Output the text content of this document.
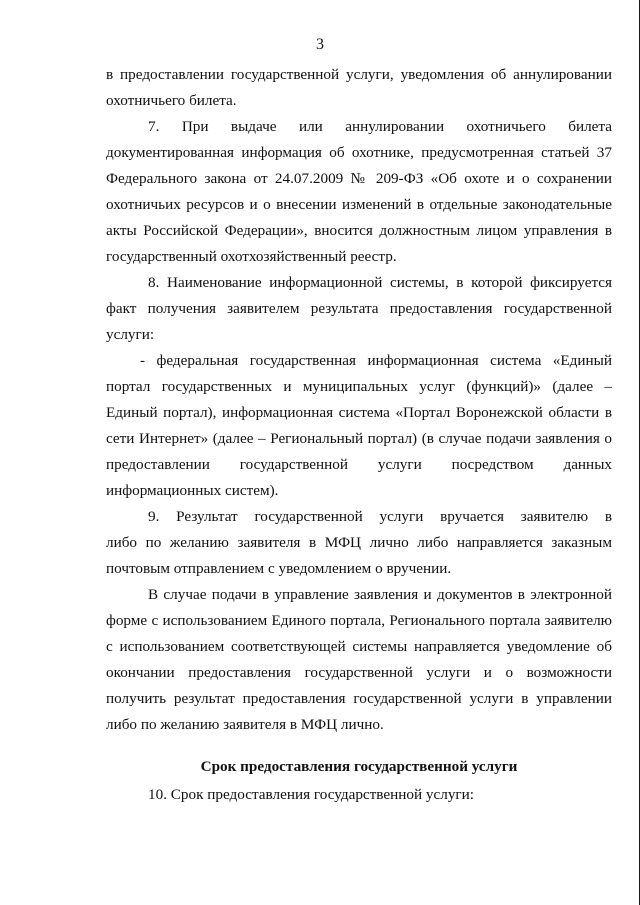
3
в предоставлении государственной услуги, уведомления об аннулировании
охотничьего билета.
7. При выдаче или аннулировании охотничьего билета
документированная информация об охотнике, предусмотренная статьей 37
Федерального закона от 24.07.2009 № 209-ФЗ «Об охоте и о сохранении
охотничьих ресурсов и о внесении изменений в отдельные законодательные
акты Российской Федерации», вносится должностным лицом управления в
государственный охотхозяйственный реестр.
8. Наименование информационной системы, в которой фиксируется
факт получения заявителем результата предоставления государственной
услуги:
- федеральная государственная информационная система «Единый
портал государственных и муниципальных услуг (функций)» (далее –
Единый портал), информационная система «Портал Воронежской области в
сети Интернет» (далее – Региональный портал) (в случае подачи заявления о
предоставлении государственной услуги посредством данных
информационных систем).
9. Результат государственной услуги вручается заявителю в
либо по желанию заявителя в МФЦ лично либо направляется заказным
почтовым отправлением с уведомлением о вручении.
В случае подачи в управление заявления и документов в электронной
форме с использованием Единого портала, Регионального портала заявителю
с использованием соответствующей системы направляется уведомление об
окончании предоставления государственной услуги и о возможности
получить результат предоставления государственной услуги в управлении
либо по желанию заявителя в МФЦ лично.
Срок предоставления государственной услуги
10. Срок предоставления государственной услуги:
